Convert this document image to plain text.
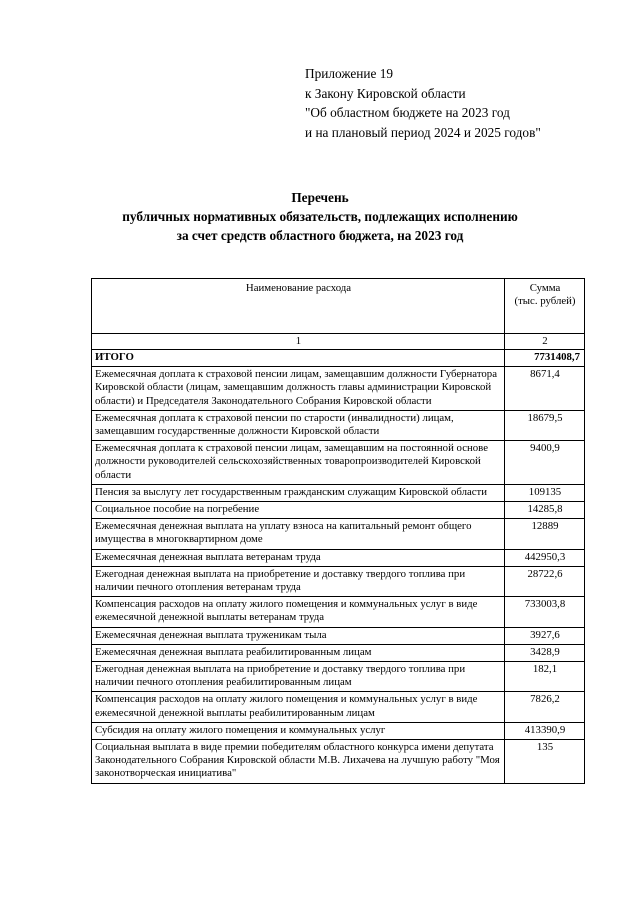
Приложение 19
к Закону Кировской области
"Об областном бюджете на 2023 год
и на плановый период 2024 и 2025 годов"
Перечень
публичных нормативных обязательств, подлежащих исполнению
за счет средств областного бюджета, на 2023 год
Наименование расхода	Сумма
(тыс. рублей)

1	2
ИТОГО	7731408,7
Ежемесячная доплата к страховой пенсии лицам, замещавшим должности Губернатора Кировской области (лицам, замещавшим должность главы администрации Кировской области) и Председателя Законодательного Собрания Кировской области	8671,4
Ежемесячная доплата к страховой пенсии по старости (инвалидности) лицам, замещавшим государственные должности Кировской области	18679,5
Ежемесячная доплата к страховой пенсии лицам, замещавшим на постоянной основе должности руководителей сельскохозяйственных товаропроизводителей Кировской области	9400,9
Пенсия за выслугу лет государственным гражданским служащим Кировской области	109135
Социальное пособие на погребение	14285,8
Ежемесячная денежная выплата на уплату взноса на капитальный ремонт общего имущества в многоквартирном доме	12889
Ежемесячная денежная выплата ветеранам труда	442950,3
Ежегодная денежная выплата на приобретение и доставку твердого топлива при наличии печного отопления ветеранам труда	28722,6
Компенсация расходов на оплату жилого помещения и коммунальных услуг в виде ежемесячной денежной выплаты ветеранам труда	733003,8
Ежемесячная денежная выплата труженикам тыла	3927,6
Ежемесячная денежная выплата реабилитированным лицам	3428,9
Ежегодная денежная выплата на приобретение и доставку твердого топлива при наличии печного отопления реабилитированным лицам	182,1
Компенсация расходов на оплату жилого помещения и коммунальных услуг в виде ежемесячной денежной выплаты реабилитированным лицам	7826,2
Субсидия на оплату жилого помещения и коммунальных услуг	413390,9
Социальная выплата в виде премии победителям областного конкурса имени депутата Законодательного Собрания Кировской области М.В. Лихачева на лучшую работу "Моя законотворческая инициатива"	135
